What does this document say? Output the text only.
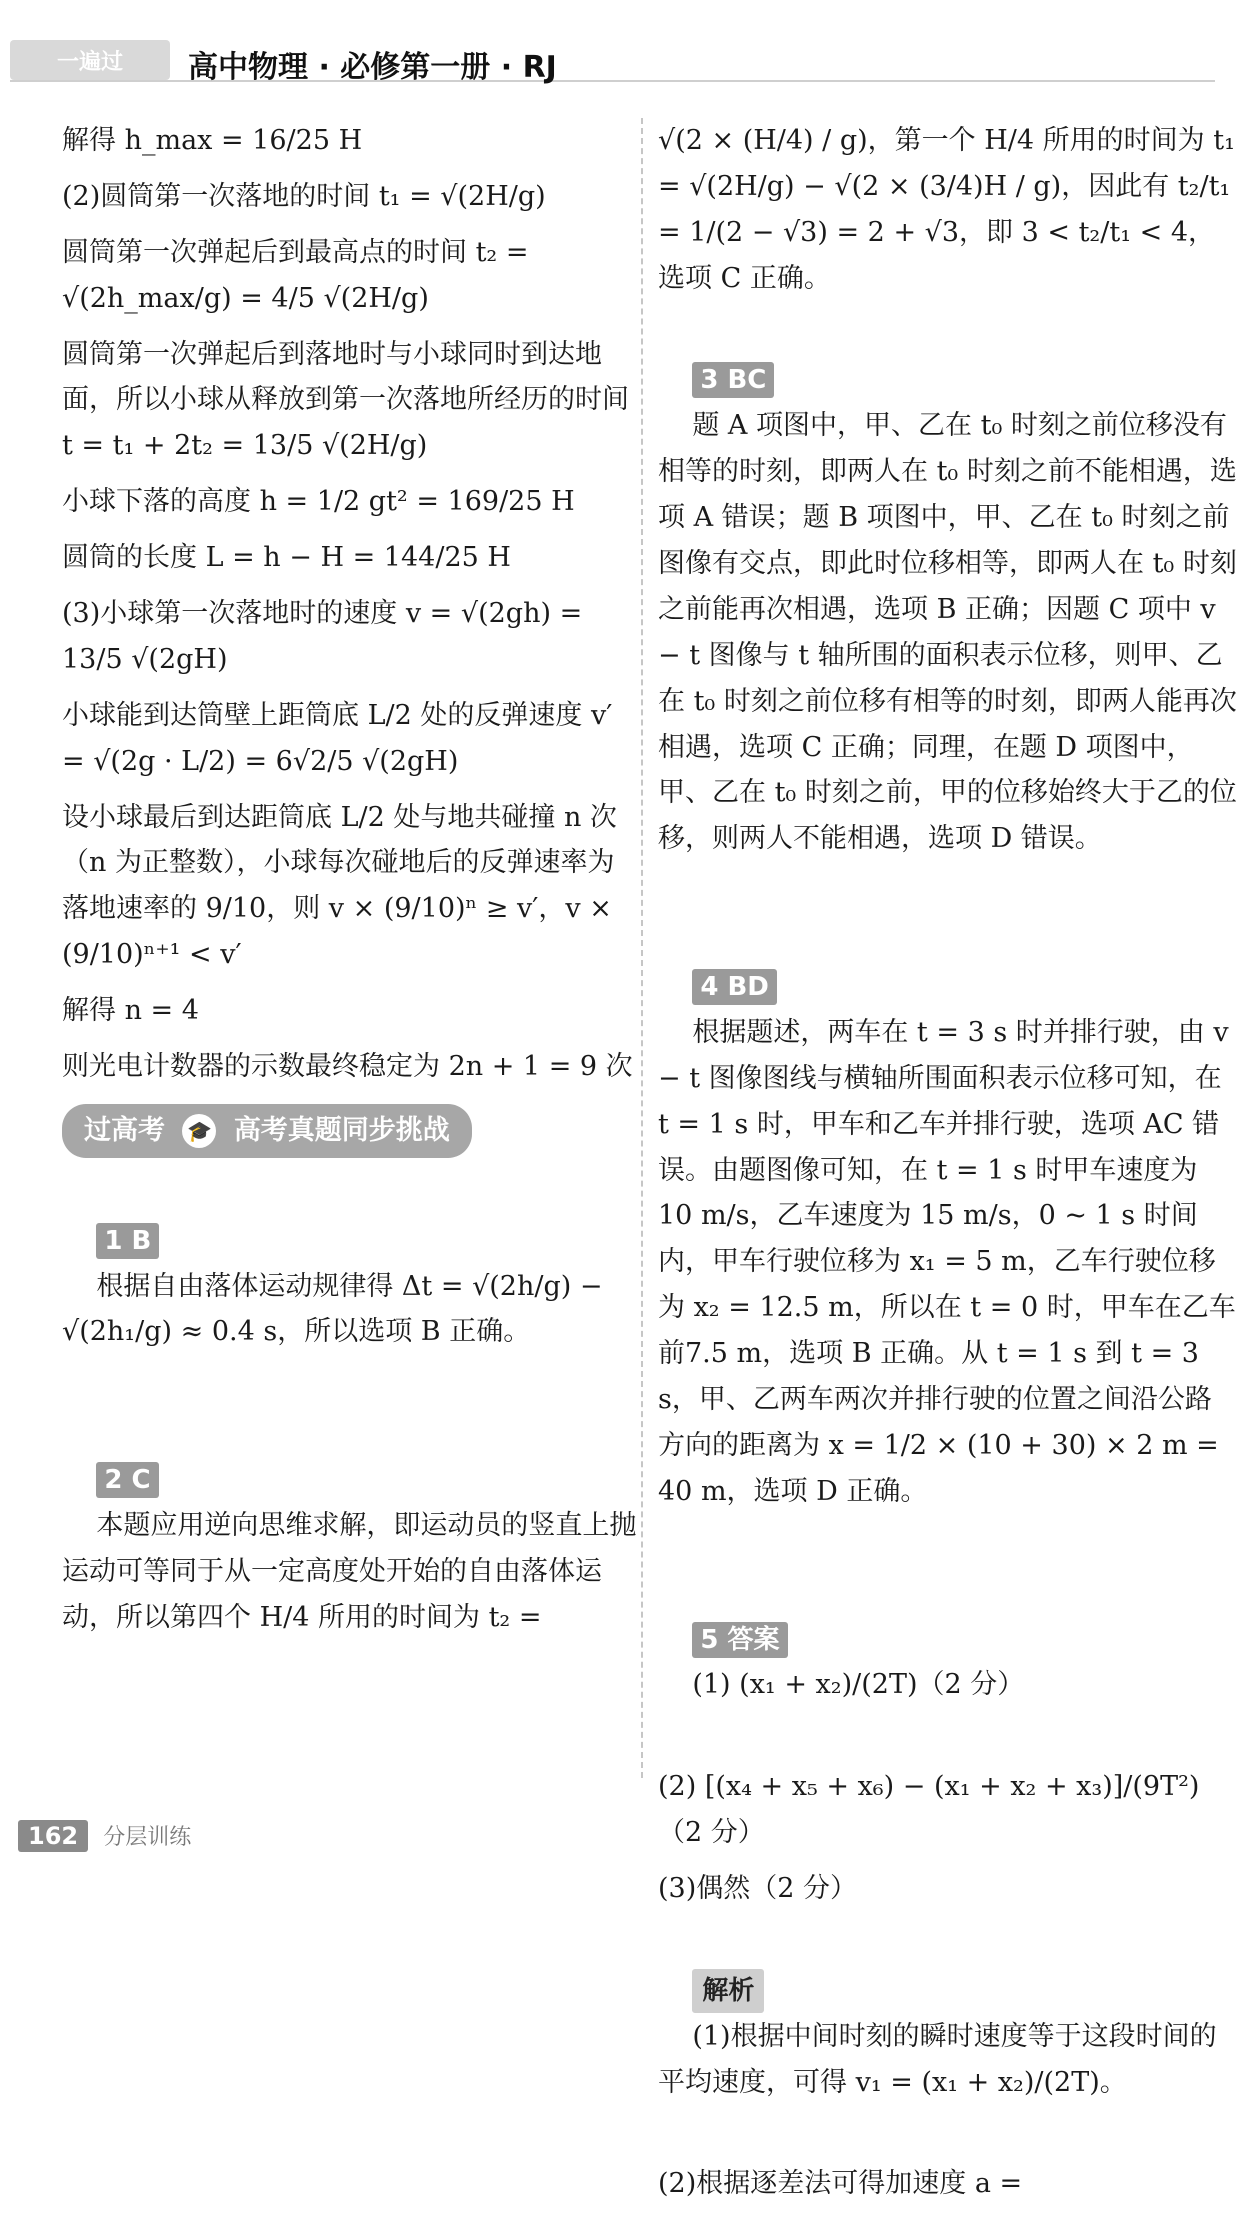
一遍过	高中物理 · 必修第一册 · RJ

解得 h_max = 16/25 H

(2)圆筒第一次落地的时间 t₁ = √(2H/g)

圆筒第一次弹起后到最高点的时间 t₂ = √(2h_max/g) = 4/5 √(2H/g)

圆筒第一次弹起后到落地时与小球同时到达地面，所以小球从释放到第一次落地所经历的时间 t = t₁ + 2t₂ = 13/5 √(2H/g)

小球下落的高度 h = 1/2 gt² = 169/25 H

圆筒的长度 L = h − H = 144/25 H

(3)小球第一次落地时的速度 v = √(2gh) = 13/5 √(2gH)

小球能到达筒壁上距筒底 L/2 处的反弹速度 v′ = √(2g · L/2) = 6√2/5 √(2gH)

设小球最后到达距筒底 L/2 处与地共碰撞 n 次（n 为正整数），小球每次碰地后的反弹速率为落地速率的 9/10，则 v × (9/10)ⁿ ≥ v′，v × (9/10)ⁿ⁺¹ < v′

解得 n = 4

则光电计数器的示数最终稳定为 2n + 1 = 9 次

过高考 🎓 高考真题同步挑战

1 B
根据自由落体运动规律得 Δt = √(2h/g) − √(2h₁/g) ≈ 0.4 s，所以选项 B 正确。

2 C
本题应用逆向思维求解，即运动员的竖直上抛运动可等同于从一定高度处开始的自由落体运动，所以第四个 H/4 所用的时间为 t₂ =

√(2 × (H/4) / g)，第一个 H/4 所用的时间为 t₁ = √(2H/g) − √(2 × (3/4)H / g)，因此有 t₂/t₁ = 1/(2 − √3) = 2 + √3，即 3 < t₂/t₁ < 4，选项 C 正确。

3 BC
题 A 项图中，甲、乙在 t₀ 时刻之前位移没有相等的时刻，即两人在 t₀ 时刻之前不能相遇，选项 A 错误；题 B 项图中，甲、乙在 t₀ 时刻之前图像有交点，即此时位移相等，即两人在 t₀ 时刻之前能再次相遇，选项 B 正确；因题 C 项中 v − t 图像与 t 轴所围的面积表示位移，则甲、乙在 t₀ 时刻之前位移有相等的时刻，即两人能再次相遇，选项 C 正确；同理，在题 D 项图中，甲、乙在 t₀ 时刻之前，甲的位移始终大于乙的位移，则两人不能相遇，选项 D 错误。

4 BD
根据题述，两车在 t = 3 s 时并排行驶，由 v − t 图像图线与横轴所围面积表示位移可知，在 t = 1 s 时，甲车和乙车并排行驶，选项 AC 错误。由题图像可知，在 t = 1 s 时甲车速度为 10 m/s，乙车速度为 15 m/s，0 ~ 1 s 时间内，甲车行驶位移为 x₁ = 5 m，乙车行驶位移为 x₂ = 12.5 m，所以在 t = 0 时，甲车在乙车前7.5 m，选项 B 正确。从 t = 1 s 到 t = 3 s，甲、乙两车两次并排行驶的位置之间沿公路方向的距离为 x = 1/2 × (10 + 30) × 2 m = 40 m，选项 D 正确。

5 答案
(1) (x₁ + x₂)/(2T)（2 分）

(2) [(x₄ + x₅ + x₆) − (x₁ + x₂ + x₃)]/(9T²)（2 分）

(3)偶然（2 分）

解析
(1)根据中间时刻的瞬时速度等于这段时间的平均速度，可得 v₁ = (x₁ + x₂)/(2T)。

(2)根据逐差法可得加速度 a =

162 分层训练
